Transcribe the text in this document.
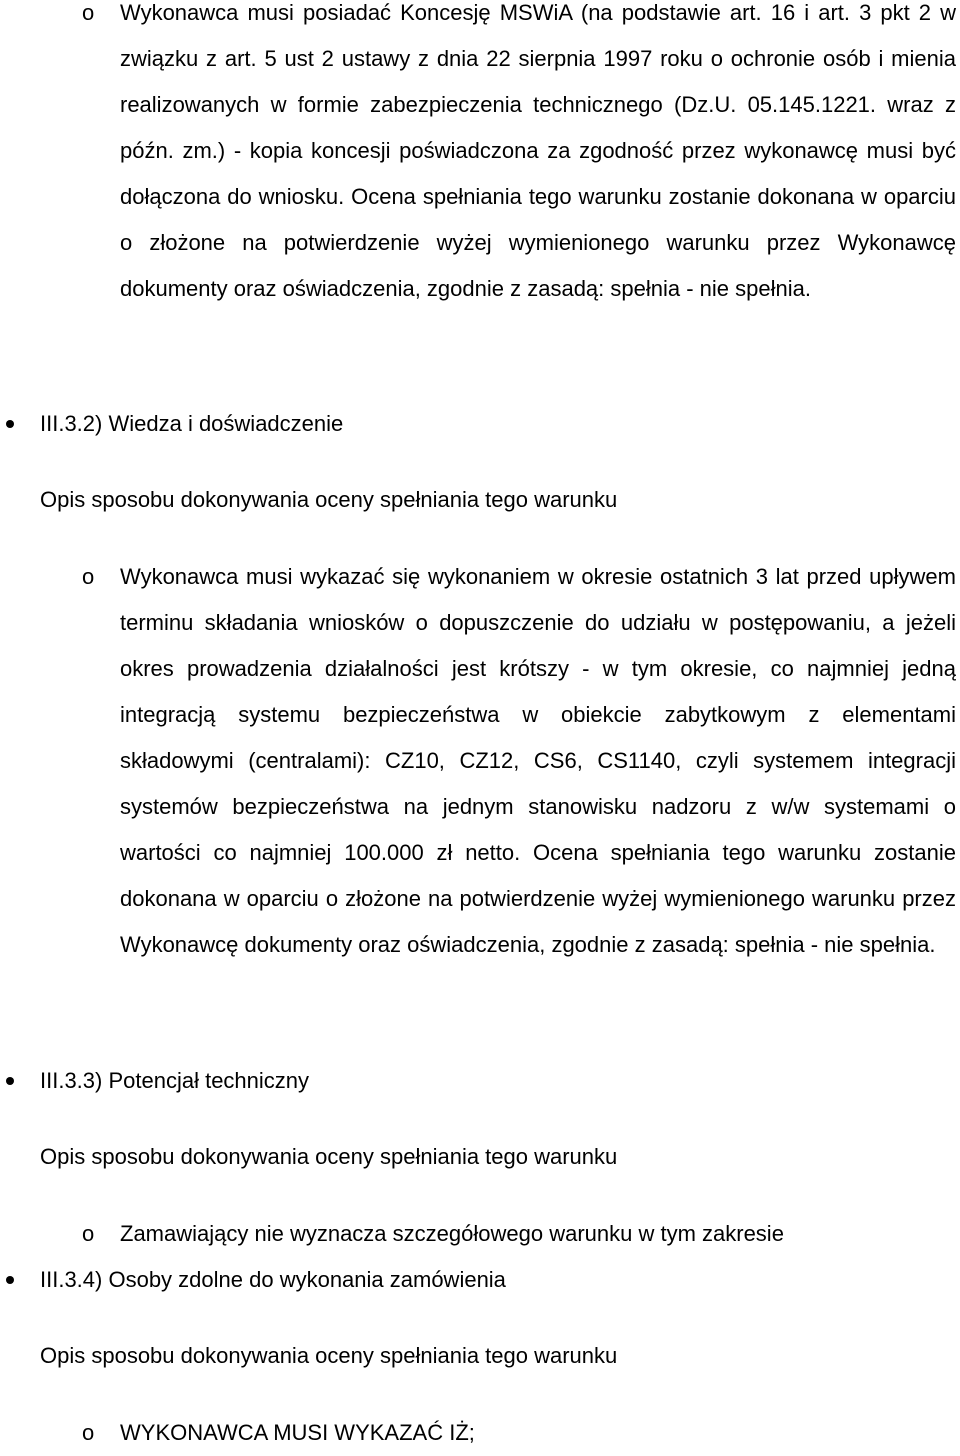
o Wykonawca musi posiadać Koncesję MSWiA (na podstawie art. 16 i art. 3 pkt 2 w związku z art. 5 ust 2 ustawy z dnia 22 sierpnia 1997 roku o ochronie osób i mienia realizowanych w formie zabezpieczenia technicznego (Dz.U. 05.145.1221. wraz z późn. zm.) - kopia koncesji poświadczona za zgodność przez wykonawcę musi być dołączona do wniosku. Ocena spełniania tego warunku zostanie dokonana w oparciu o złożone na potwierdzenie wyżej wymienionego warunku przez Wykonawcę dokumenty oraz oświadczenia, zgodnie z zasadą: spełnia - nie spełnia.
III.3.2) Wiedza i doświadczenie
Opis sposobu dokonywania oceny spełniania tego warunku
o Wykonawca musi wykazać się wykonaniem w okresie ostatnich 3 lat przed upływem terminu składania wniosków o dopuszczenie do udziału w postępowaniu, a jeżeli okres prowadzenia działalności jest krótszy - w tym okresie, co najmniej jedną integracją systemu bezpieczeństwa w obiekcie zabytkowym z elementami składowymi (centralami): CZ10, CZ12, CS6, CS1140, czyli systemem integracji systemów bezpieczeństwa na jednym stanowisku nadzoru z w/w systemami o wartości co najmniej 100.000 zł netto. Ocena spełniania tego warunku zostanie dokonana w oparciu o złożone na potwierdzenie wyżej wymienionego warunku przez Wykonawcę dokumenty oraz oświadczenia, zgodnie z zasadą: spełnia - nie spełnia.
III.3.3) Potencjał techniczny
Opis sposobu dokonywania oceny spełniania tego warunku
o Zamawiający nie wyznacza szczegółowego warunku w tym zakresie
III.3.4) Osoby zdolne do wykonania zamówienia
Opis sposobu dokonywania oceny spełniania tego warunku
o WYKONAWCA MUSI WYKAZAĆ IŻ;
